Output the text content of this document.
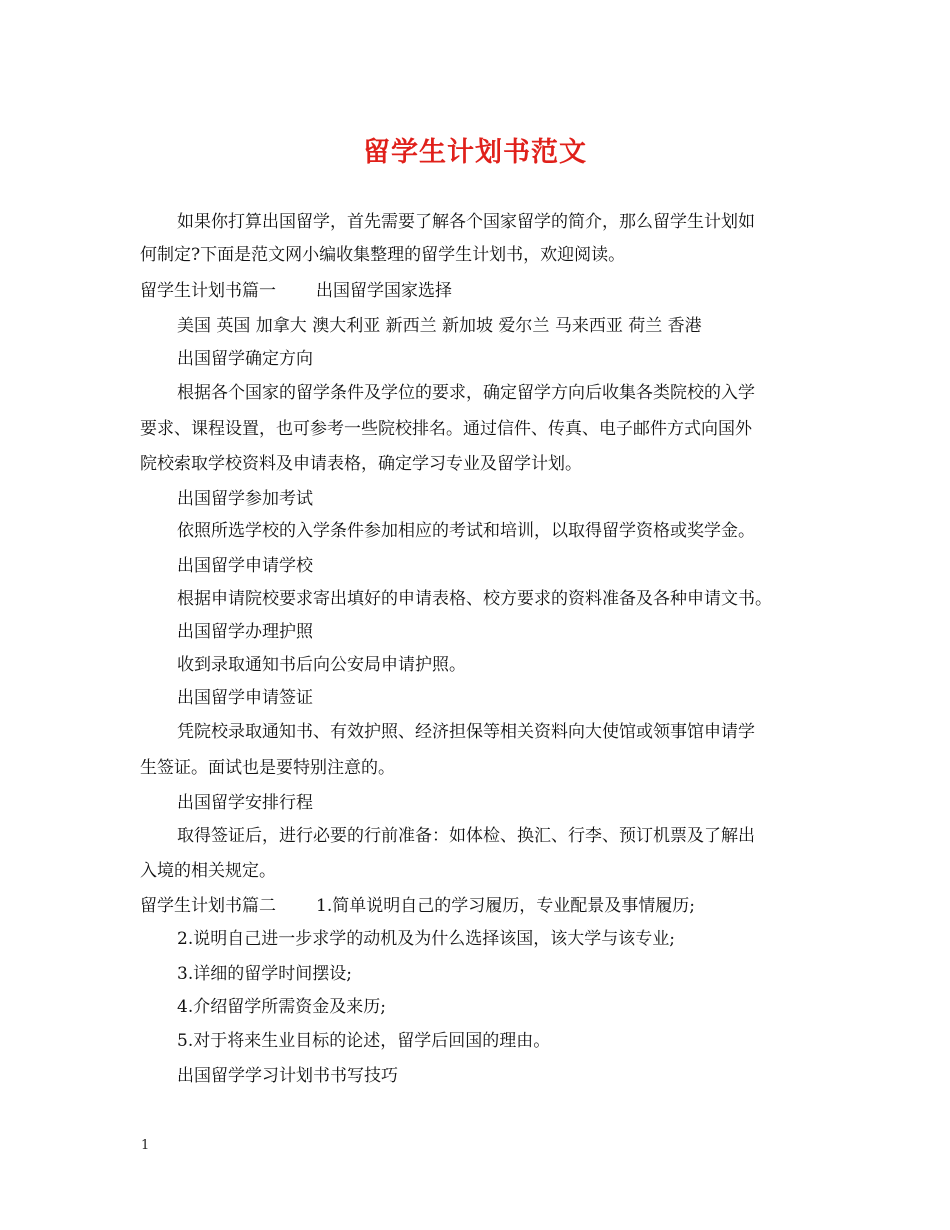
留学生计划书范文
如果你打算出国留学，首先需要了解各个国家留学的简介，那么留学生计划如
何制定?下面是范文网小编收集整理的留学生计划书，欢迎阅读。
留学生计划书篇一 出国留学国家选择
美国 英国 加拿大 澳大利亚 新西兰 新加坡 爱尔兰 马来西亚 荷兰 香港
出国留学确定方向
根据各个国家的留学条件及学位的要求，确定留学方向后收集各类院校的入学
要求、课程设置，也可参考一些院校排名。通过信件、传真、电子邮件方式向国外
院校索取学校资料及申请表格，确定学习专业及留学计划。
出国留学参加考试
依照所选学校的入学条件参加相应的考试和培训，以取得留学资格或奖学金。
出国留学申请学校
根据申请院校要求寄出填好的申请表格、校方要求的资料准备及各种申请文书。
出国留学办理护照
收到录取通知书后向公安局申请护照。
出国留学申请签证
凭院校录取通知书、有效护照、经济担保等相关资料向大使馆或领事馆申请学
生签证。面试也是要特别注意的。
出国留学安排行程
取得签证后，进行必要的行前准备：如体检、换汇、行李、预订机票及了解出
入境的相关规定。
留学生计划书篇二 1.简单说明自己的学习履历，专业配景及事情履历;
2.说明自己进一步求学的动机及为什么选择该国，该大学与该专业;
3.详细的留学时间摆设;
4.介绍留学所需资金及来历;
5.对于将来生业目标的论述，留学后回国的理由。
出国留学学习计划书书写技巧
1
